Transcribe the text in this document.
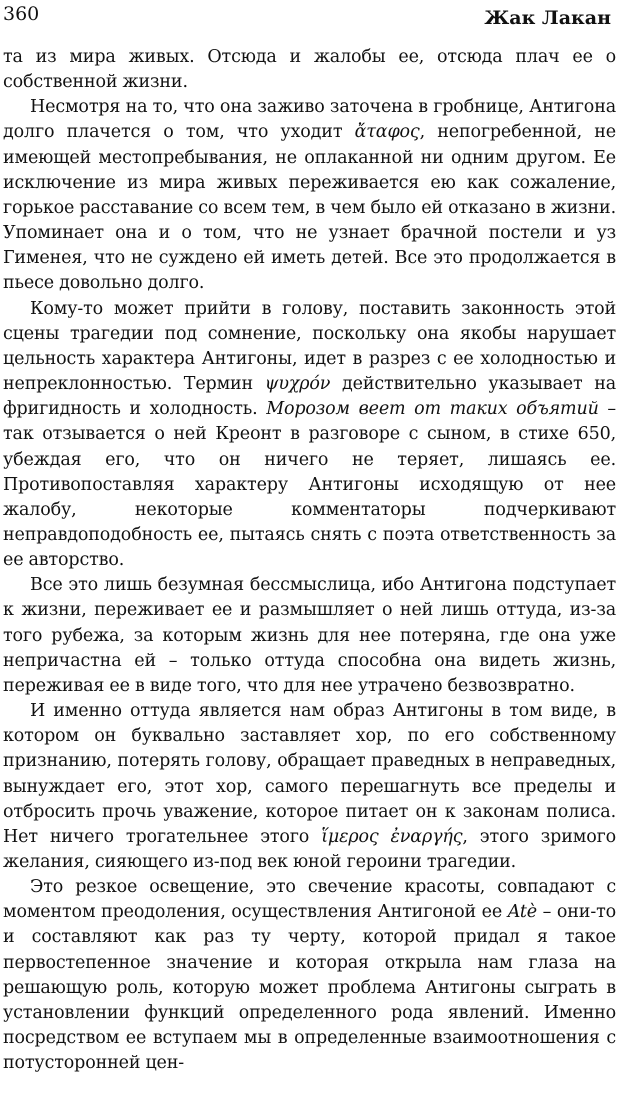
360	Жак Лакан

та из мира живых. Отсюда и жалобы ее, отсюда плач ее о собственной жизни.

Несмотря на то, что она заживо заточена в гробнице, Антигона долго плачется о том, что уходит ἄταφος, непогребенной, не имеющей местопребывания, не оплаканной ни одним другом. Ее исключение из мира живых переживается ею как сожаление, горькое расставание со всем тем, в чем было ей отказано в жизни. Упоминает она и о том, что не узнает брачной постели и уз Гименея, что не суждено ей иметь детей. Все это продолжается в пьесе довольно долго.

Кому-то может прийти в голову, поставить законность этой сцены трагедии под сомнение, поскольку она якобы нарушает цельность характера Антигоны, идет в разрез с ее холодностью и непреклонностью. Термин ψυχρόν действительно указывает на фригидность и холодность. Морозом веет от таких объятий – так отзывается о ней Креонт в разговоре с сыном, в стихе 650, убеждая его, что он ничего не теряет, лишаясь ее. Противопоставляя характеру Антигоны исходящую от нее жалобу, некоторые комментаторы подчеркивают неправдоподобность ее, пытаясь снять с поэта ответственность за ее авторство.

Все это лишь безумная бессмыслица, ибо Антигона подступает к жизни, переживает ее и размышляет о ней лишь оттуда, из-за того рубежа, за которым жизнь для нее потеряна, где она уже непричастна ей – только оттуда способна она видеть жизнь, переживая ее в виде того, что для нее утрачено безвозвратно.

И именно оттуда является нам образ Антигоны в том виде, в котором он буквально заставляет хор, по его собственному признанию, потерять голову, обращает праведных в неправедных, вынуждает его, этот хор, самого перешагнуть все пределы и отбросить прочь уважение, которое питает он к законам полиса. Нет ничего трогательнее этого ἵμερος ἐναργής, этого зримого желания, сияющего из-под век юной героини трагедии.

Это резкое освещение, это свечение красоты, совпадают с моментом преодоления, осуществления Антигоной ее Atè – они-то и составляют как раз ту черту, которой придал я такое первостепенное значение и которая открыла нам глаза на решающую роль, которую может проблема Антигоны сыграть в установлении функций определенного рода явлений. Именно посредством ее вступаем мы в определенные взаимоотношения с потусторонней цен-
